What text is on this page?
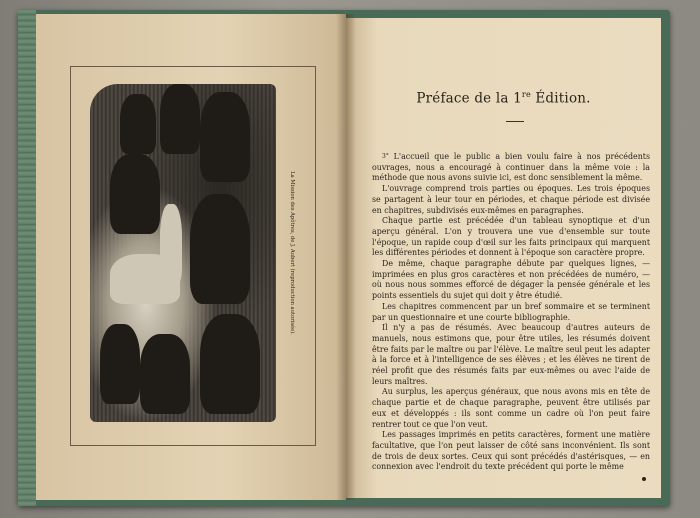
La Mission des Apôtres, de J. Aubert (reproduction autorisée).
Préface de la 1re Édition.

3° L'accueil que le public a bien voulu faire à nos précédents ouvrages, nous a encouragé à continuer dans la même voie : la méthode que nous avons suivie ici, est donc sensiblement la même.

L'ouvrage comprend trois parties ou époques. Les trois époques se partagent à leur tour en périodes, et chaque période est divisée en chapitres, subdivisés eux-mêmes en paragraphes.

Chaque partie est précédée d'un tableau synoptique et d'un aperçu général. L'on y trouvera une vue d'ensemble sur toute l'époque, un rapide coup d'œil sur les faits principaux qui marquent les différentes périodes et donnent à l'époque son caractère propre.

De même, chaque paragraphe débute par quelques lignes, — imprimées en plus gros caractères et non précédées de numéro, — où nous nous sommes efforcé de dégager la pensée générale et les points essentiels du sujet qui doit y être étudié.

Les chapitres commencent par un bref sommaire et se terminent par un questionnaire et une courte bibliographie.

Il n'y a pas de résumés. Avec beaucoup d'autres auteurs de manuels, nous estimons que, pour être utiles, les résumés doivent être faits par le maître ou par l'élève. Le maître seul peut les adapter à la force et à l'intelligence de ses élèves ; et les élèves ne tirent de réel profit que des résumés faits par eux-mêmes ou avec l'aide de leurs maîtres.

Au surplus, les aperçus généraux, que nous avons mis en tête de chaque partie et de chaque paragraphe, peuvent être utilisés par eux et développés : ils sont comme un cadre où l'on peut faire rentrer tout ce que l'on veut.

Les passages imprimés en petits caractères, forment une matière facultative, que l'on peut laisser de côté sans inconvénient. Ils sont de trois de deux sortes. Ceux qui sont précédés d'astérisques, — en connexion avec l'endroit du texte précédent qui porte le même
